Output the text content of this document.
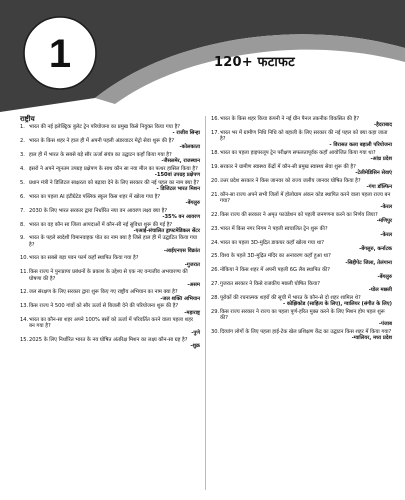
1	120+ फटाफट
राष्ट्रीय
1. भारत की नई इलेक्ट्रिक बुलेट ट्रेन परियोजना का प्रमुख किसे नियुक्त किया गया है?
- राजीव सिन्हा
2. भारत के किस शहर ने हाल ही में अपनी पहली अंडरवाटर मेट्रो सेवा शुरू की है?
-कोलकाता
3. हाल ही में भारत के सबसे बड़े सौर ऊर्जा संयंत्र का उद्घाटन कहाँ किया गया है?
-जैसलमेर, राजस्थान
4. इसरो ने अपने न्यूनतम उपग्रह प्रक्षेपण के साथ कौन सा नया मील का पत्थर हासिल किया है?
-150वां उपग्रह प्रक्षेपण
5. प्रधान मंत्री ने डिजिटल साक्षरता को बढ़ावा देने के लिए सरकार की नई पहल का नाम क्या है?
- डिजिटल भारत मिशन
6. भारत का पहला AI इंटीग्रेटेड पब्लिक स्कूल किस शहर में खोला गया है?
-बेंगलुरु
7. 2030 के लिए भारत सरकार द्वारा निर्धारित नया वन आवरण लक्ष्य क्या है?
-35% वन आवरण
8. भारत का वह कौन सा जिला आपदाओं में कौन-सी नई सुविधा शुरू की गई है?
-एआई-संचालित ड्राफ्टमेडिकल सेंटर
9. भारत के पहले स्वदेशी विमानवाहक पोत का नाम क्या है जिसे हाल ही में उद्घाटित किया गया है?
-आईएनएस विक्रांत
10. भारत का सबसे बड़ा पवन फार्म कहाँ स्थापित किया गया है?
-गुजरात
11. किस राज्य ने पुनःप्राप्य प्रबंधनों के प्रकाश के उद्देश्य से एक नए वन्यजीव अभयारण्य की घोषणा की है?
-असम
12. जल संरक्षण के लिए सरकार द्वारा शुरू किए गए राष्ट्रीय अभियान का नाम क्या है?
-जल शक्ति अभियान
13. किस राज्य ने 500 गांवों को सौर ऊर्जा से बिजली देने की परियोजना शुरू की है?
-महाराष्ट्र
14. भारत का कौन-सा शहर अपने 100% बसों को ऊर्जा में परिवर्तित करने वाला पहला शहर बन गया है?
-पुणे
15. 2025 के लिए निर्धारित भारत के नव घोषित अंतरिक्ष मिशन का लक्ष्य कौन-सा ग्रह है?
-शुक्र
16. भारत के किस शहर किया कंपनी ने नई ग्रीन पैनल तकनीक विकसित की है?
-हैदराबाद
17. भारत भर में ग्रामीण निधि निधि को बहाली के लिए सरकार की नई पहल को क्या कहा जाता है?
- विरासत कला बहाली परियोजना
18. भारत का पहला हाइपरलूप ट्रेन परीक्षण सफलतापूर्वक कहाँ आयोजित किया गया था?
-आंध्र प्रदेश
19. सरकार ने ग्रामीण स्वास्थ्य केंद्रों में कौन-सी प्रमुख स्वास्थ्य सेवा शुरू की है?
-टेलीमेडिसिन सेवाएं
20. उत्तर प्रदेश सरकार ने किस जानवर को राज्य जलीय जानवर घोषित किया है?
-गंगा डॉल्फिन
21. कौन-सा राज्य अपने सभी जिलों में होलोग्राम अंकन कोड स्थापित करने वाला पहला राज्य बन गया?
-केरल
22. किस राज्य की सरकार ने अमृत फाउंडेशन को पहली जनगणना करने का निर्णय लिया?
-मणिपुर
23. भारत में किस नगर निगम ने पहली स्वचालित ट्रेन शुरू की?
-केरल
24. भारत का पहला 3D-मुद्रित डाकघर कहाँ खोला गया था?
-बेंगलुरु, कर्नाटक
25. विश्व के पहले 3D-मुद्रित मंदिर का अनावरण कहाँ हुआ था?
-सिद्दीपेट जिला, तेलंगाना
26. नोकिया ने किस शहर में अपनी पहली 6G लैब स्थापित की?
-बेंगलुरु
27. गुजरात सरकार ने किसे राजकीय मछली घोषित किया?
-घोल मछली
28. पूरोकों की रचनात्मक शहरों की सूची में भारत के कौन-से दो शहर शामिल थे?
- कोझिकोड (साहित्य के लिए), ग्वालियर (संगीत के लिए)
29. किस राज्य सरकार ने राज्य का पहला पूर्ण-हरित मुक्त करने के लिए मिशन होप पहल शुरू की?
-पंजाब
30. दिव्यांग लोगों के लिए पहला हाई-टेक खेल प्रशिक्षण केंद्र का उद्घाटन किस शहर में किया गया?
-ग्वालियर, मध्य प्रदेश
